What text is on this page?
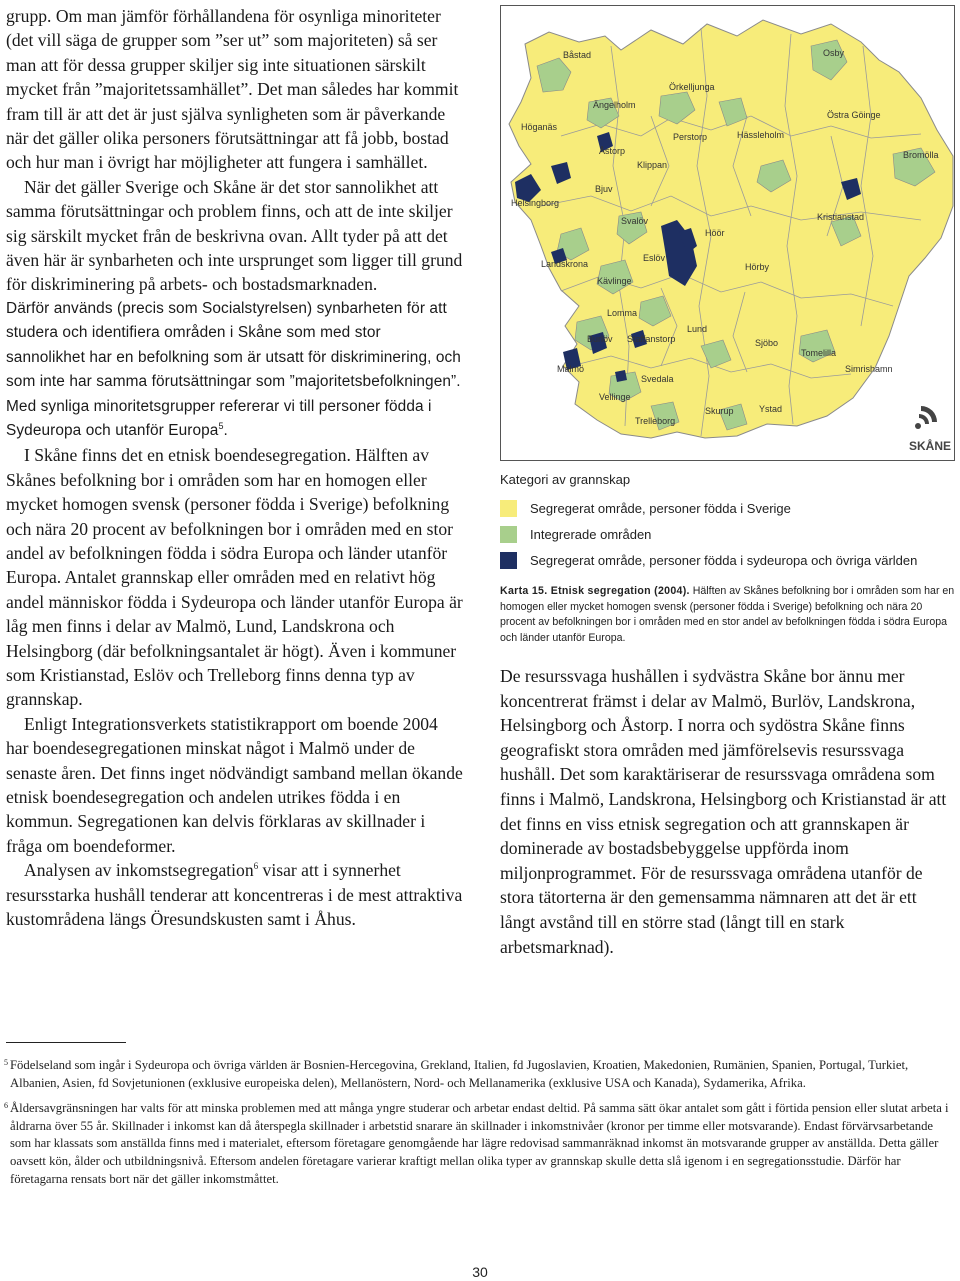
grupp. Om man jämför förhållandena för osynliga minoriteter (det vill säga de grupper som ”ser ut” som majoriteten) så ser man att för dessa grupper skiljer sig inte situationen särskilt mycket från ”majoritetssamhället”. Det man således har kommit fram till är att det är just själva synligheten som är påverkande när det gäller olika personers förutsättningar att få jobb, bostad och hur man i övrigt har möjligheter att fungera i samhället.

När det gäller Sverige och Skåne är det stor sannolikhet att samma förutsättningar och problem finns, och att de inte skiljer sig särskilt mycket från de beskrivna ovan. Allt tyder på att det även här är synbarheten och inte ursprunget som ligger till grund för diskriminering på arbets- och bostadsmarknaden.

Därför används (precis som Socialstyrelsen) synbarheten för att studera och identifiera områden i Skåne som med stor sannolikhet har en befolkning som är utsatt för diskriminering, och som inte har samma förutsättningar som ”majoritetsbefolkningen”. Med synliga minoritetsgrupper refererar vi till personer födda i Sydeuropa och utanför Europa$^5$.

I Skåne finns det en etnisk boendesegregation. Hälften av Skånes befolkning bor i områden som har en homogen eller mycket homogen svensk (personer födda i Sverige) befolkning och nära 20 procent av befolkningen bor i områden med en stor andel av befolkningen födda i södra Europa och länder utanför Europa. Antalet grannskap eller områden med en relativt hög andel människor födda i Sydeuropa och länder utanför Europa är låg men finns i delar av Malmö, Lund, Landskrona och Helsingborg (där befolkningsantalet är högt). Även i kommuner som Kristianstad, Eslöv och Trelleborg finns denna typ av grannskap.

Enligt Integrationsverkets statistikrapport om boende 2004 har boendesegregationen minskat något i Malmö under de senaste åren. Det finns inget nödvändigt samband mellan ökande etnisk boendesegregation och andelen utrikes födda i en kommun. Segregationen kan delvis förklaras av skillnader i fråga om boendeformer.

Analysen av inkomstsegregation$^6$ visar att i synnerhet resursstarka hushåll tenderar att koncentreras i de mest attraktiva kustområdena längs Öresundskusten samt i Åhus.

Båstad	Osby
Örkelljunga
Ängelholm
Höganäs
Östra Göinge
Perstorp	Hässleholm
Åstorp	Bromölla
Klippan
Bjuv
Helsingborg
Kristianstad
Svalöv
Höör
Eslöv
Landskrona	Hörby
Kävlinge
Lomma
Lund
Burlöv Staffanstorp	Sjöbo
Tomelilla
Malmö	Simrishamn
Svedala
Vellinge
Skurup	Ystad
Trelleborg
SKÅNE
Kategori av grannskap
Segregerat område, personer födda i Sverige
Integrerade områden
Segregerat område, personer födda i sydeuropa och övriga världen
Karta 15. Etnisk segregation (2004). Hälften av Skånes befolkning bor i områden som har en homogen eller mycket homogen svensk (personer födda i Sverige) befolkning och nära 20 procent av befolkningen bor i områden med en stor andel av befolkningen födda i södra Europa och länder utanför Europa.

De resurssvaga hushållen i sydvästra Skåne bor ännu mer koncentrerat främst i delar av Malmö, Burlöv, Landskrona, Helsingborg och Åstorp. I norra och sydöstra Skåne finns geografiskt stora områden med jämförelsevis resurssvaga hushåll. Det som karaktäriserar de resurssvaga områdena som finns i Malmö, Landskrona, Helsingborg och Kristianstad är att det finns en viss etnisk segregation och att grannskapen är dominerade av bostadsbebyggelse uppförda inom miljonprogrammet. För de resurssvaga områdena utanför de stora tätorterna är den gemensamma nämnaren att det är ett långt avstånd till en större stad (långt till en stark arbetsmarknad).

5 Födelseland som ingår i Sydeuropa och övriga världen är Bosnien-Hercegovina, Grekland, Italien, fd Jugoslavien, Kroatien, Makedonien, Rumänien, Spanien, Portugal, Turkiet, Albanien, Asien, fd Sovjetunionen (exklusive europeiska delen), Mellanöstern, Nord- och Mellanamerika (exklusive USA och Kanada), Sydamerika, Afrika.
6 Åldersavgränsningen har valts för att minska problemen med att många yngre studerar och arbetar endast deltid. På samma sätt ökar antalet som gått i förtida pension eller slutat arbeta i åldrarna över 55 år. Skillnader i inkomst kan då återspegla skillnader i arbetstid snarare än skillnader i inkomstnivåer (kronor per timme eller motsvarande). Endast förvärvsarbetande som har klassats som anställda finns med i materialet, eftersom företagare genomgående har lägre redovisad sammanräknad inkomst än motsvarande grupper av anställda. Detta gäller oavsett kön, ålder och utbildningsnivå. Eftersom andelen företagare varierar kraftigt mellan olika typer av grannskap skulle detta slå igenom i en segregationsstudie. Därför har företagarna rensats bort när det gäller inkomstmåttet.
30
